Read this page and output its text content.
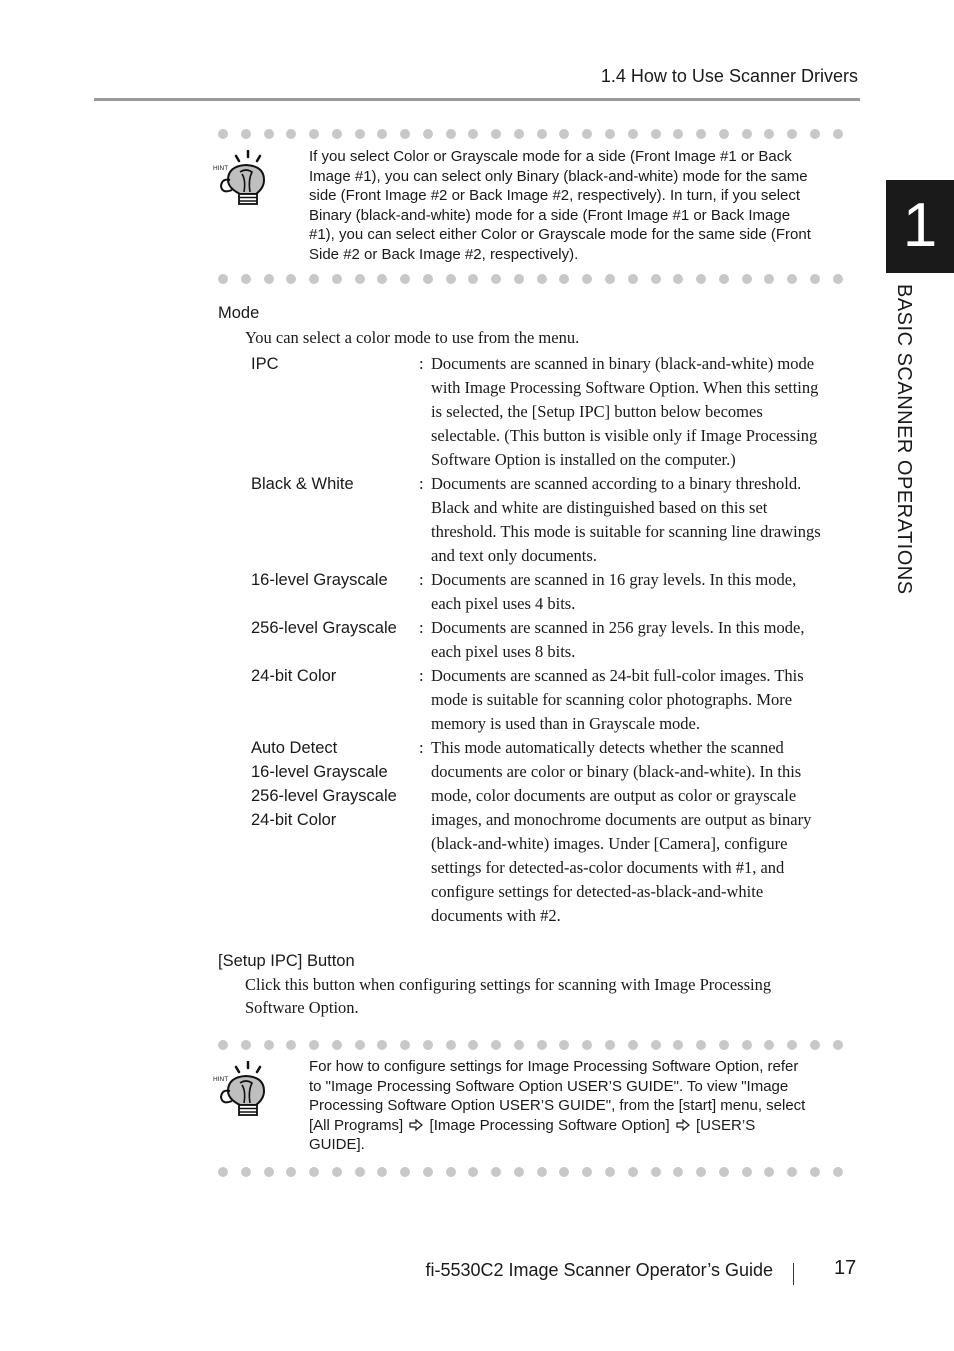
1.4 How to Use Scanner Drivers
1
BASIC SCANNER OPERATIONS
HINT
If you select Color or Grayscale mode for a side (Front Image #1 or Back
Image #1), you can select only Binary (black-and-white) mode for the same
side (Front Image #2 or Back Image #2, respectively). In turn, if you select
Binary (black-and-white) mode for a side (Front Image #1 or Back Image
#1), you can select either Color or Grayscale mode for the same side (Front
Side #2 or Back Image #2, respectively).
Mode
You can select a color mode to use from the menu.
IPC	: Documents are scanned in binary (black-and-white) mode
with Image Processing Software Option. When this setting
is selected, the [Setup IPC] button below becomes
selectable. (This button is visible only if Image Processing
Software Option is installed on the computer.)
Black & White	: Documents are scanned according to a binary threshold.
Black and white are distinguished based on this set
threshold. This mode is suitable for scanning line drawings
and text only documents.
16-level Grayscale	: Documents are scanned in 16 gray levels. In this mode,
each pixel uses 4 bits.
256-level Grayscale	: Documents are scanned in 256 gray levels. In this mode,
each pixel uses 8 bits.
24-bit Color	: Documents are scanned as 24-bit full-color images. This
mode is suitable for scanning color photographs. More
memory is used than in Grayscale mode.
Auto Detect
16-level Grayscale
256-level Grayscale
24-bit Color
: This mode automatically detects whether the scanned
documents are color or binary (black-and-white). In this
mode, color documents are output as color or grayscale
images, and monochrome documents are output as binary
(black-and-white) images. Under [Camera], configure
settings for detected-as-color documents with #1, and
configure settings for detected-as-black-and-white
documents with #2.
[Setup IPC] Button
Click this button when configuring settings for scanning with Image Processing
Software Option.
HINT
For how to configure settings for Image Processing Software Option, refer
to "Image Processing Software Option USER’S GUIDE". To view "Image
Processing Software Option USER’S GUIDE", from the [start] menu, select
[All Programs] [Image Processing Software Option] [USER’S
GUIDE].
fi-5530C2 Image Scanner Operator’s Guide	17
